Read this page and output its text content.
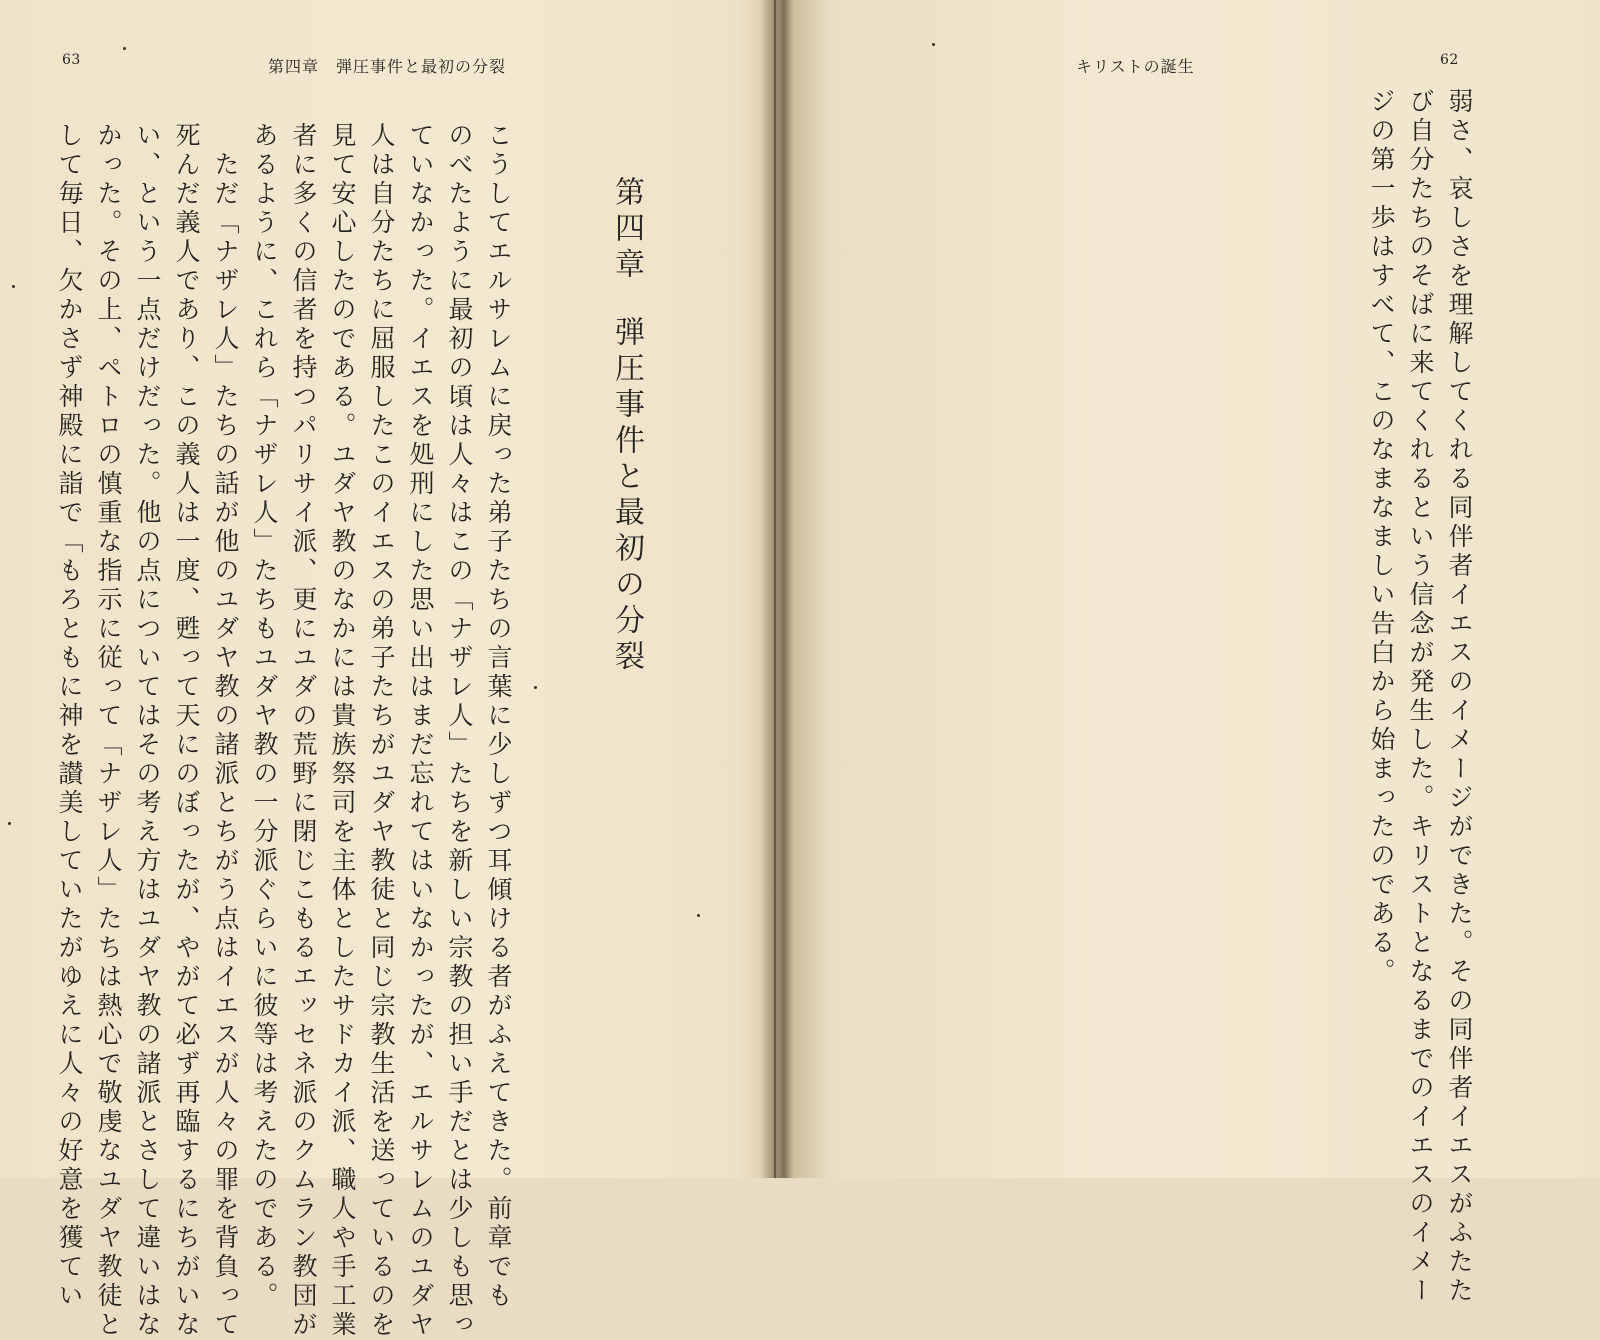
63	第四章　弾圧事件と最初の分裂
第四章弾圧事件と最初の分裂
こうしてエルサレムに戻った弟子たちの言葉に少しずつ耳傾ける者がふえてきた。前章でも
のべたように最初の頃は人々はこの「ナザレ人」たちを新しい宗教の担い手だとは少しも思っ
ていなかった。イエスを処刑にした思い出はまだ忘れてはいなかったが、エルサレムのユダヤ
人は自分たちに屈服したこのイエスの弟子たちがユダヤ教徒と同じ宗教生活を送っているのを
見て安心したのである。ユダヤ教のなかには貴族祭司を主体としたサドカイ派、職人や手工業
者に多くの信者を持つパリサイ派、更にユダの荒野に閉じこもるエッセネ派のクムラン教団が
あるように、これら「ナザレ人」たちもユダヤ教の一分派ぐらいに彼等は考えたのである。
　ただ「ナザレ人」たちの話が他のユダヤ教の諸派とちがう点はイエスが人々の罪を背負って
死んだ義人であり、この義人は一度、甦って天にのぼったが、やがて必ず再臨するにちがいな
い、という一点だけだった。他の点についてはその考え方はユダヤ教の諸派とさして違いはな
かった。その上、ペトロの慎重な指示に従って「ナザレ人」たちは熱心で敬虔なユダヤ教徒と
して毎日、欠かさず神殿に詣で「もろともに神を讃美していたがゆえに人々の好意を獲てい
キリストの誕生	62
弱さ、哀しさを理解してくれる同伴者イエスのイメージができた。その同伴者イエスがふたた
び自分たちのそばに来てくれるという信念が発生した。キリストとなるまでのイエスのイメー
ジの第一歩はすべて、このなまなましい告白から始まったのである。
